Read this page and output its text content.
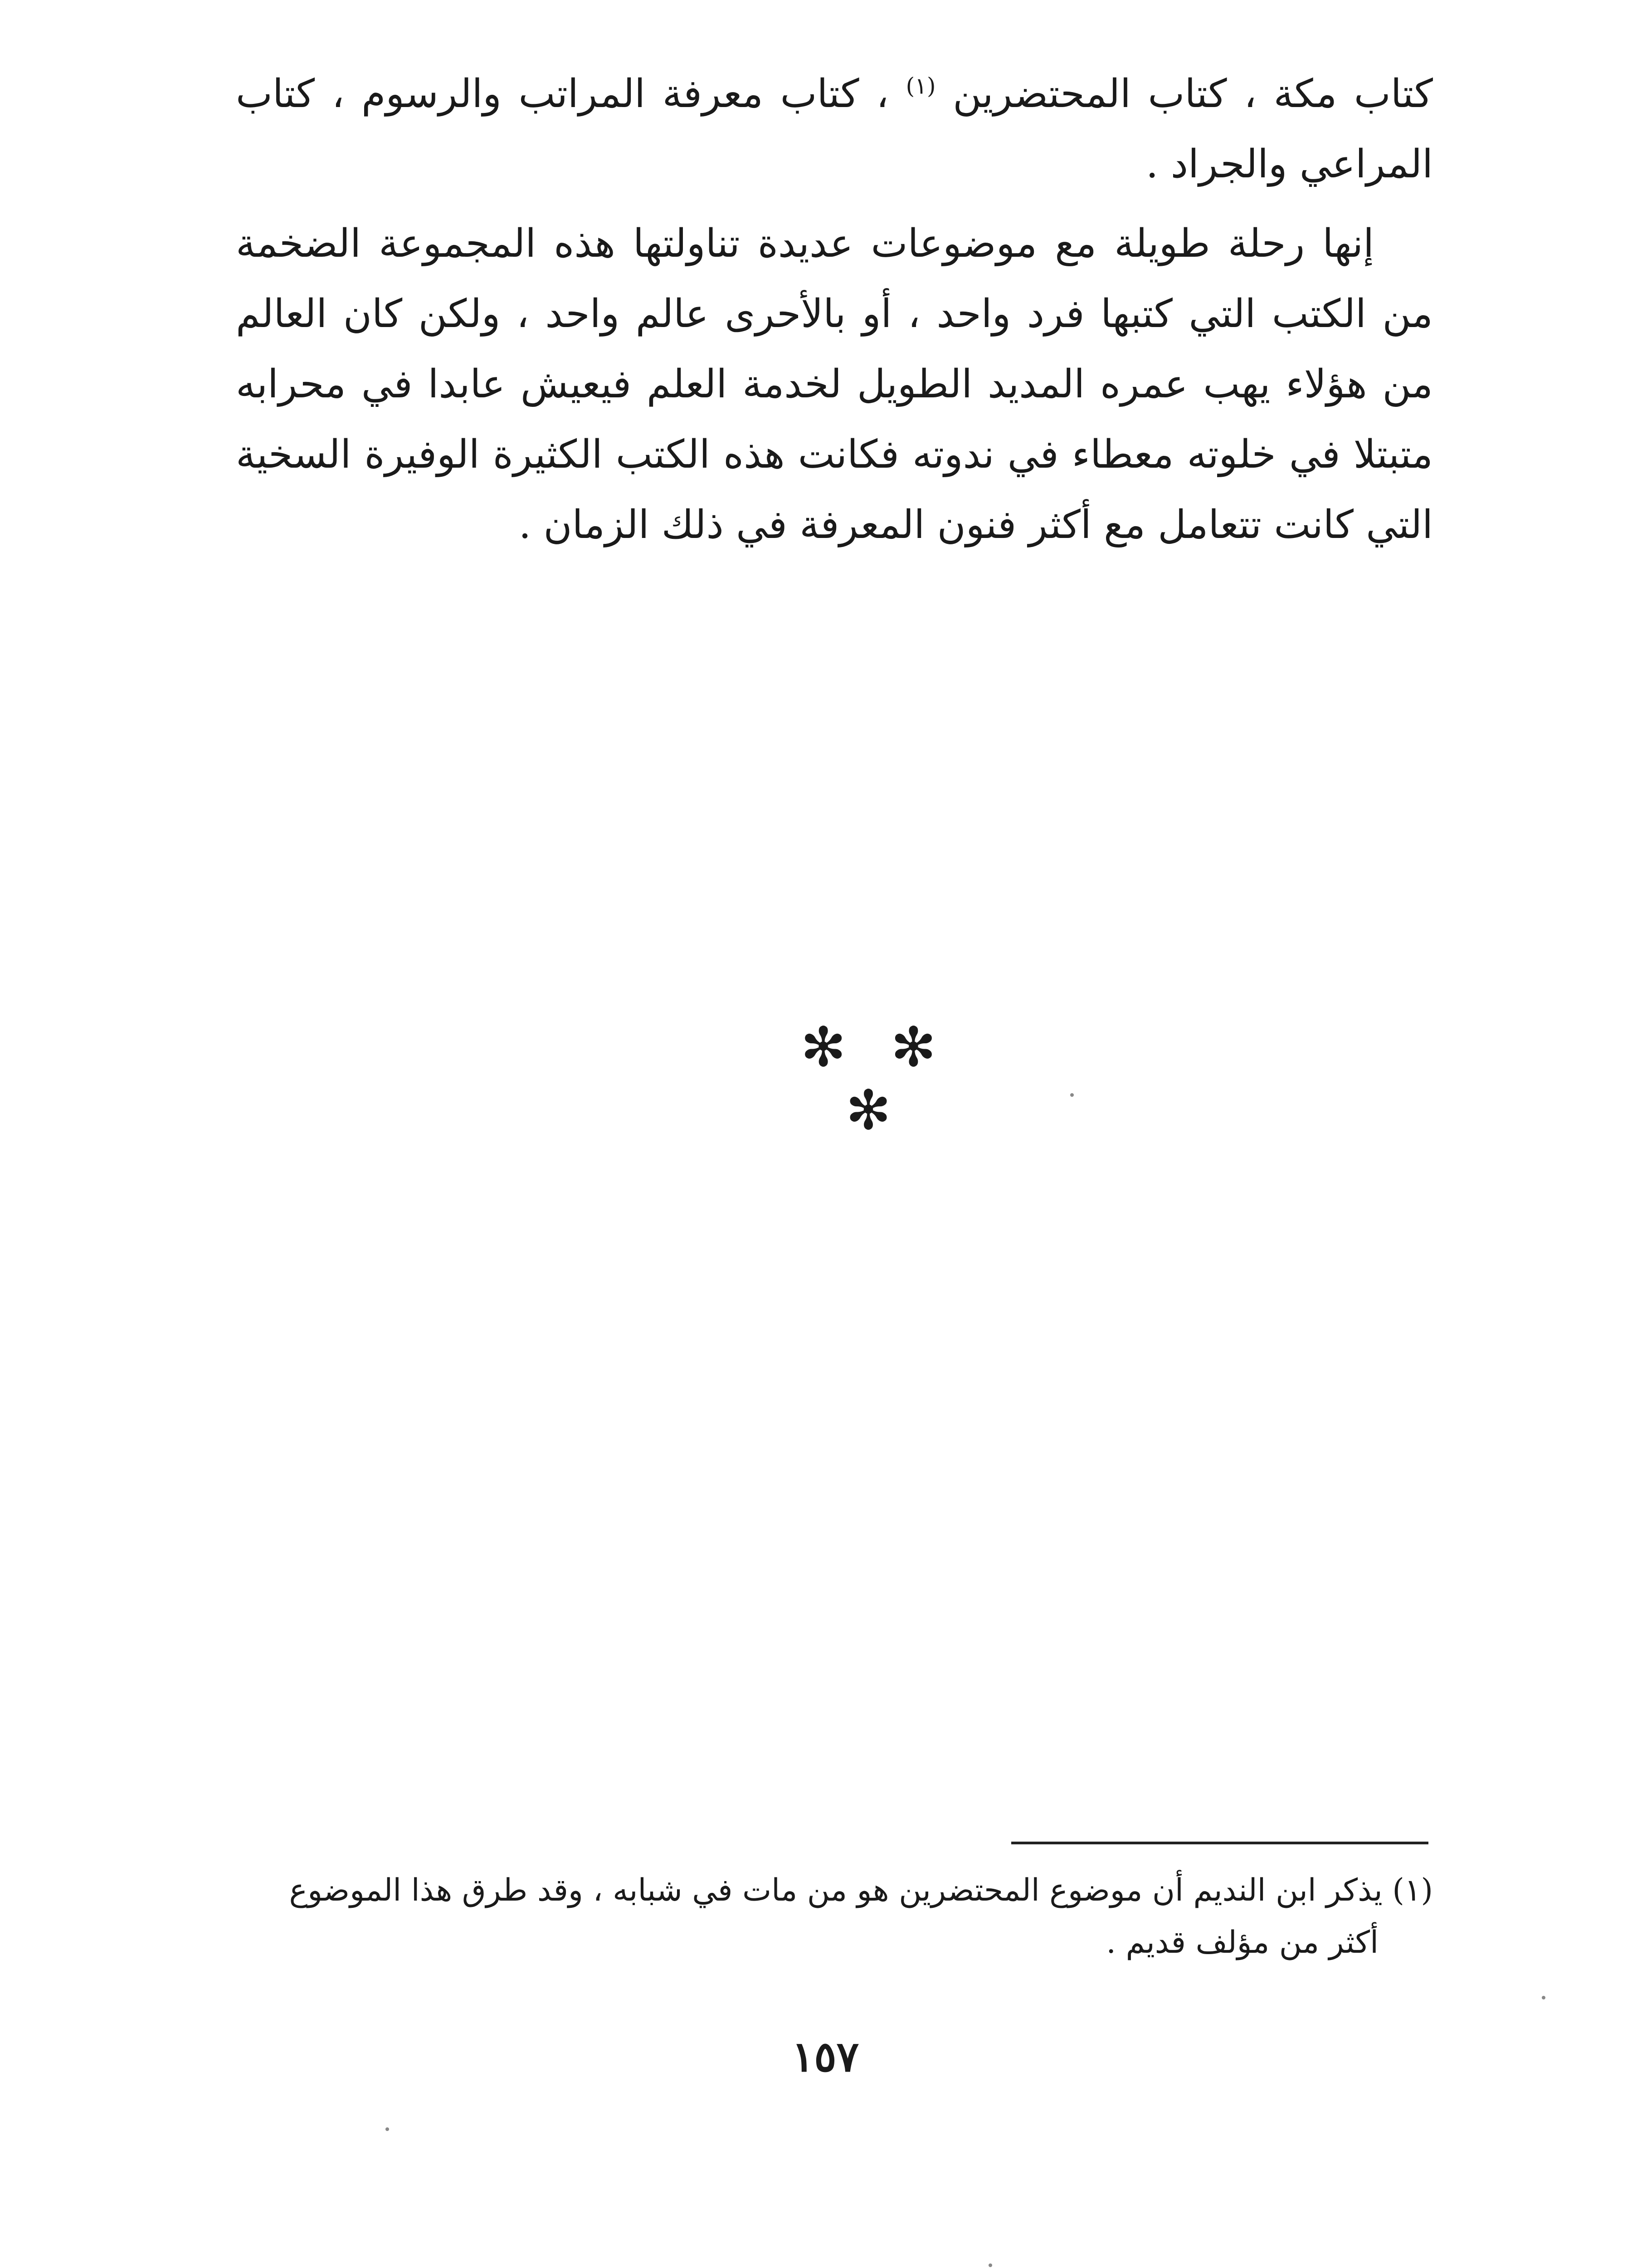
كتاب مكة ، كتاب المحتضرين $^{(١)}$ ، كتاب معرفة المراتب والرسوم ، كتاب المراعي والجراد .

إنها رحلة طويلة مع موضوعات عديدة تناولتها هذه المجموعة الضخمة من الكتب التي كتبها فرد واحد ، أو بالأحرى عالم واحد ، ولكن كان العالم من هؤلاء يهب عمره المديد الطويل لخدمة العلم فيعيش عابدا في محرابه متبتلا في خلوته معطاء في ندوته فكانت هذه الكتب الكثيرة الوفيرة السخية التي كانت تتعامل مع أكثر فنون المعرفة في ذلك الزمان .

✻ ✻ ✻

(١) يذكر ابن النديم أن موضوع المحتضرين هو من مات في شبابه ، وقد طرق هذا الموضوع

أكثر من مؤلف قديم .

١٥٧
